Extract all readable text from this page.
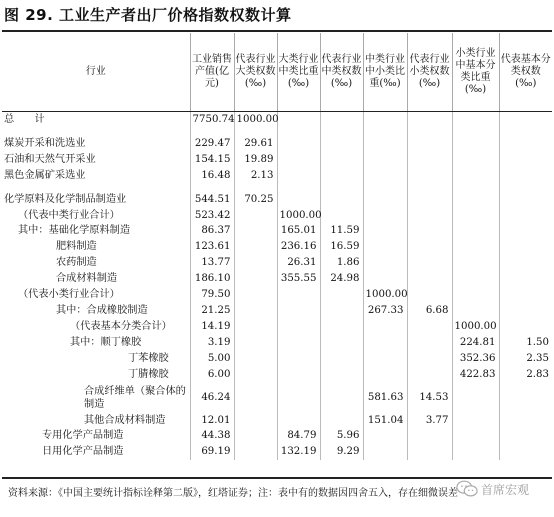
图 29. 工业生产者出厂价格指数权数计算
行业	工业销售产值(亿元)	代表行业大类权数(‰)	大类行业中类比重(‰)	代表行业中类权数(‰)	中类行业中小类比重(‰)	代表行业小类权数(‰)	小类行业中基本分类比重(‰)	代表基本分类权数(‰)
总　　计	7750.74	1000.00						

煤炭开采和洗选业	229.47	29.61						
石油和天然气开采业	154.15	19.89						
黑色金属矿采选业	16.48	2.13						

化学原料及化学制品制造业	544.51	70.25						
（代表中类行业合计）	523.42		1000.00					
其中：基础化学原料制造	86.37		165.01	11.59				
肥料制造	123.61		236.16	16.59				
农药制造	13.77		26.31	1.86				
合成材料制造	186.10		355.55	24.98				
（代表小类行业合计）	79.50				1000.00			
其中：合成橡胶制造	21.25				267.33	6.68		
（代表基本分类合计）	14.19						1000.00	
其中：顺丁橡胶	3.19						224.81	1.50
丁苯橡胶	5.00						352.36	2.35
丁腈橡胶	6.00						422.83	2.83
合成纤维单（聚合体的制造	46.24				581.63	14.53		
其他合成材料制造	12.01				151.04	3.77		
专用化学产品制造	44.38		84.79	5.96				
日用化学产品制造	69.19		132.19	9.29				
资料来源：《中国主要统计指标诠释第二版》，红塔证券；注：表中有的数据因四舍五入，存在细微误差 首席宏观
